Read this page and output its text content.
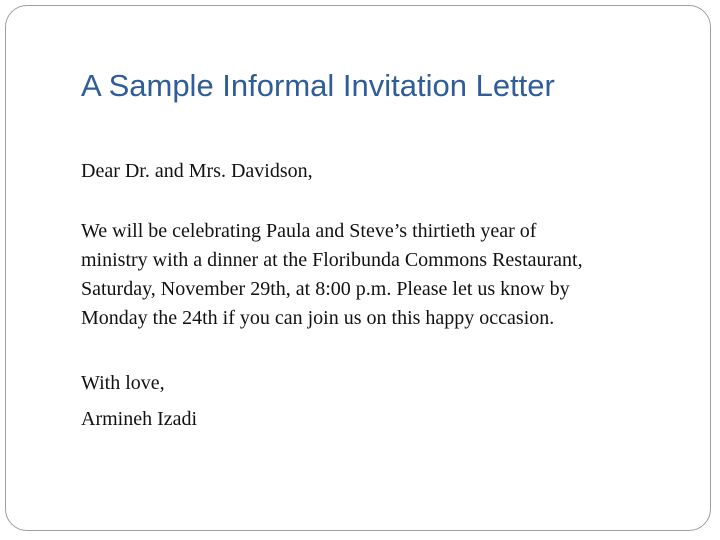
A Sample Informal Invitation Letter

Dear Dr. and Mrs. Davidson,

We will be celebrating Paula and Steve’s thirtieth year of
ministry with a dinner at the Floribunda Commons Restaurant,
Saturday, November 29th, at 8:00 p.m. Please let us know by
Monday the 24th if you can join us on this happy occasion.

With love,

Armineh Izadi
